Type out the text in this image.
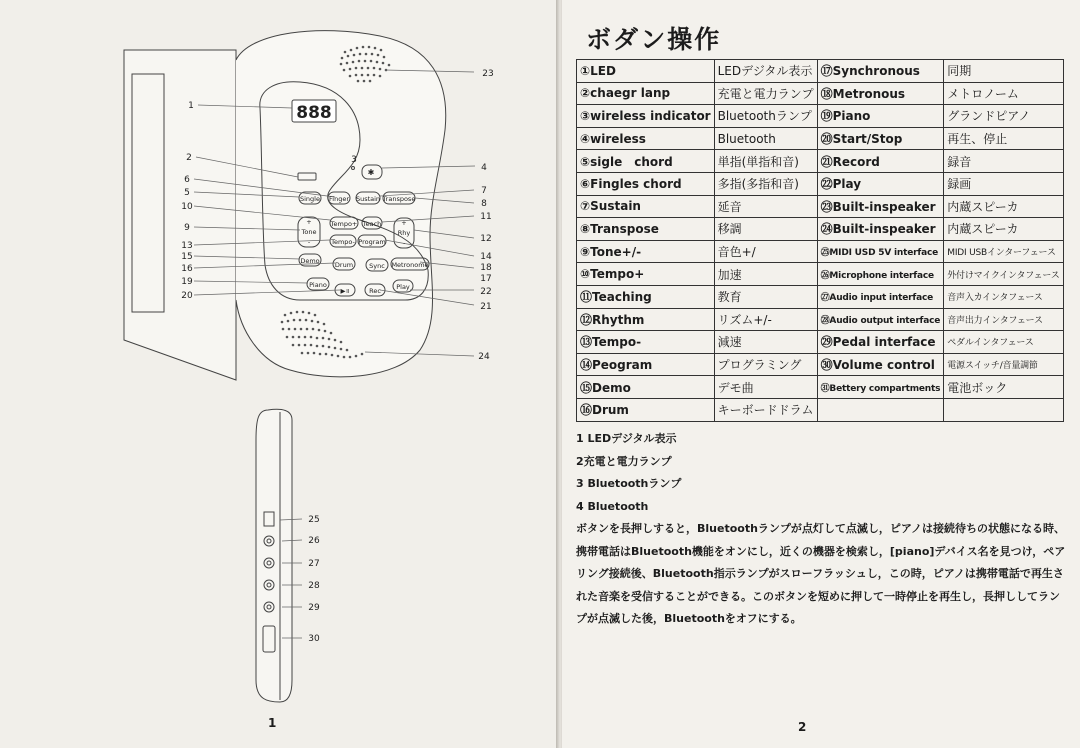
888
✱
Single Finger Sustain Transpose
Tempo+ Teach
+
Tone
-
+
Rhy
-
Tempo- Program
Demo Drum Sync Metronome
Piano
▶॥	Rec Play
1
2	3
4
5
6
7
8
9
10
11
12
13
14
15
16
17
18
19
20
21
22
23
24
25
26
27
28
29
30
1
ボダン操作
①LED	LEDデジタル表示	⑰Synchronous	同期
②chaegr lanp	充電と電力ランプ	⑱Metronous	メトロノーム
③wireless indicator	Bluetoothランプ	⑲Piano	グランドピアノ
④wireless	Bluetooth	⑳Start/Stop	再生、停止
⑤sigle　chord	単指(単指和音)	㉑Record	録音
⑥Fingles chord	多指(多指和音)	㉒Play	録画
⑦Sustain	延音	㉓Built-inspeaker	内蔵スピーカ
⑧Transpose	移調	㉔Built-inspeaker	内蔵スピーカ
⑨Tone+/-	音色+/	㉕MIDI USD 5V interface	MIDI USBインターフェース
⑩Tempo+	加速	㉖Microphone interface	外付けマイクインタフェース
⑪Teaching	教育	㉗Audio input interface	音声入カインタフェース
⑫Rhythm	リズム+/-	㉘Audio output interface	音声出力インタフェース
⑬Tempo-	減速	㉙Pedal interface	ペダルインタフェース
⑭Peogram	プログラミング	㉚Volume control	電源スイッチ/音量調節
⑮Demo	デモ曲	㉛Bettery compartments	電池ボック
⑯Drum	キーボードドラム		

1 LEDデジタル表示

2充電と電力ランプ

3 Bluetoothランプ

4 Bluetooth

ボタンを長押しすると，Bluetoothランプが点灯して点滅し，ピアノは接続待ちの状態になる時、

携帯電話はBluetooth機能をオンにし，近くの機器を検索し，[piano]デバイス名を見つけ，ペア

リング接続後、Bluetooth指示ランプがスローフラッシュし，この時，ピアノは携帯電話で再生さ

れた音楽を受信することができる。このボタンを短めに押して一時停止を再生し，長押ししてラン

プが点滅した後，Bluetoothをオフにする。

2
